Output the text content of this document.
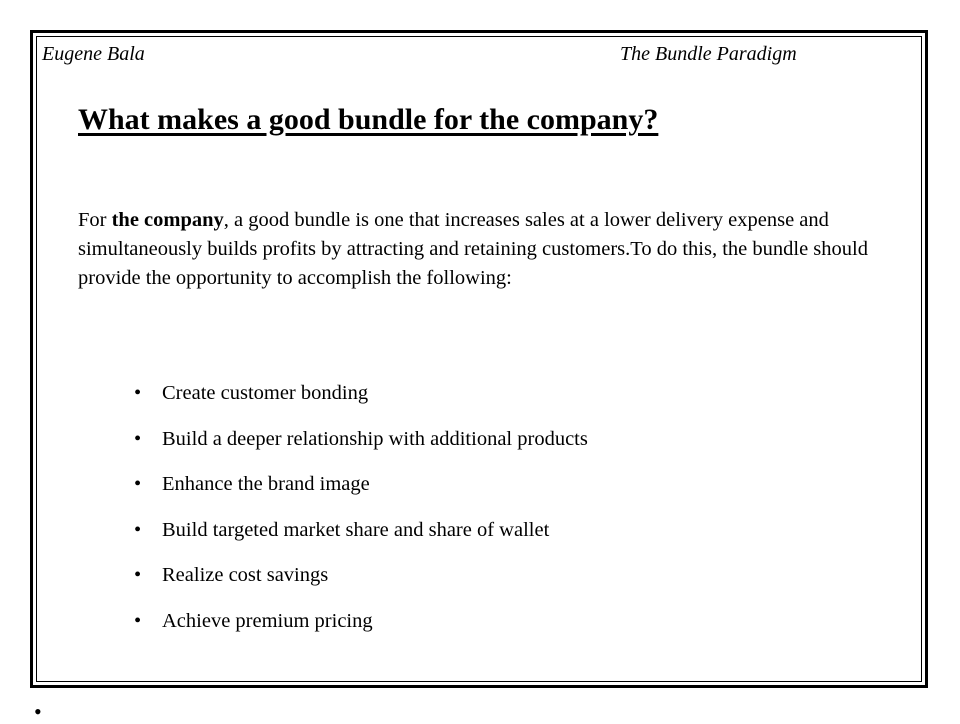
Eugene Bala	The Bundle Paradigm
What makes a good bundle for the company?
For the company, a good bundle is one that increases sales at a lower delivery expense and simultaneously builds profits by attracting and retaining customers.To do this, the bundle should provide the opportunity to accomplish the following:
• Create customer bonding
• Build a deeper relationship with additional products
• Enhance the brand image
• Build targeted market share and share of wallet
• Realize cost savings
• Achieve premium pricing
•
